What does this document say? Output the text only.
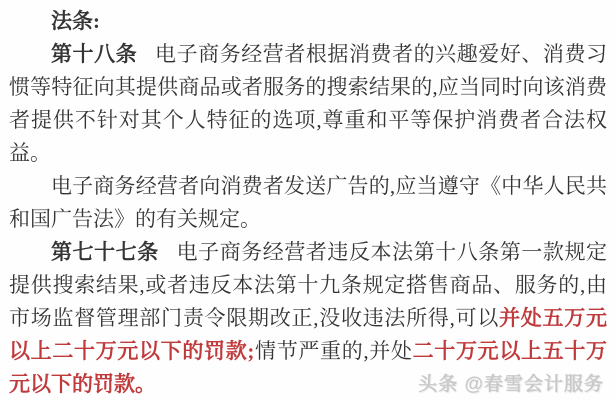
法条:

第十八条 电子商务经营者根据消费者的兴趣爱好、消费习惯等特征向其提供商品或者服务的搜索结果的,应当同时向该消费者提供不针对其个人特征的选项,尊重和平等保护消费者合法权益。

电子商务经营者向消费者发送广告的,应当遵守《中华人民共和国广告法》的有关规定。

第七十七条 电子商务经营者违反本法第十八条第一款规定提供搜索结果,或者违反本法第十九条规定搭售商品、服务的,由市场监督管理部门责令限期改正,没收违法所得,可以并处五万元以上二十万元以下的罚款;情节严重的,并处二十万元以上五十万元以下的罚款。	头条 @春雪会计服务
